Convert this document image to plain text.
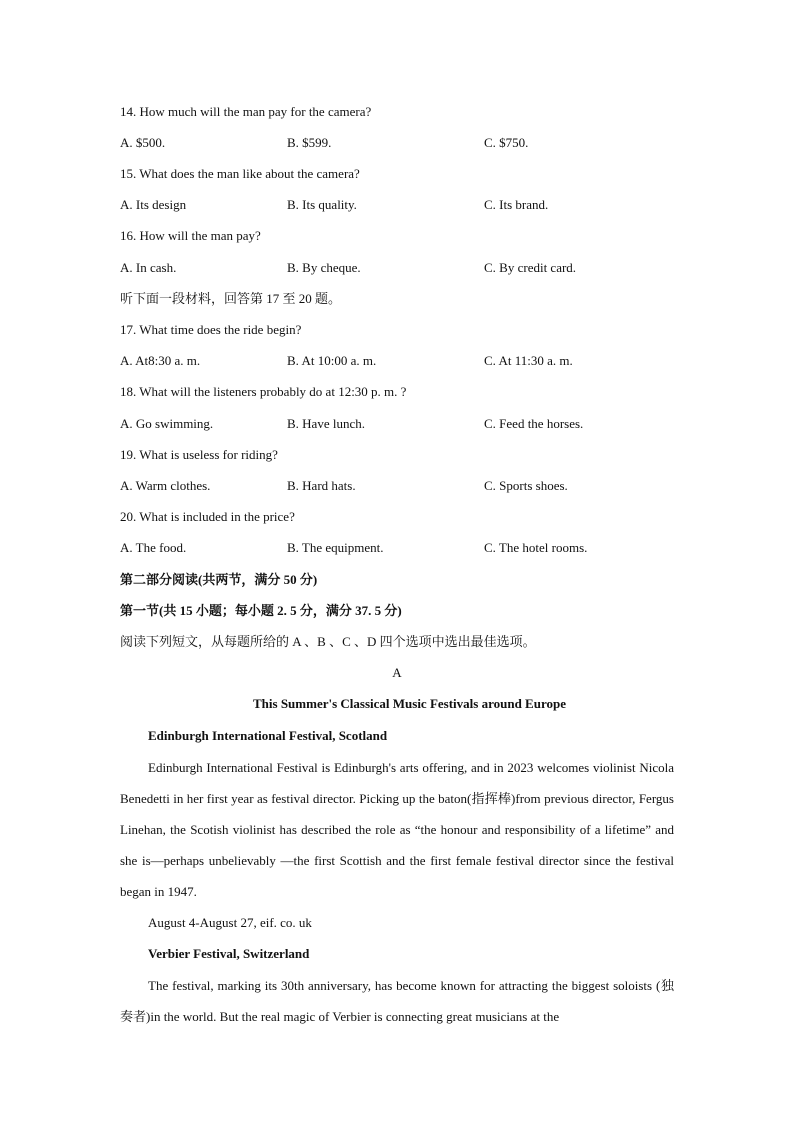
14. How much will the man pay for the camera?
A. $500.	B. $599.	C. $750.
15. What does the man like about the camera?
A. Its design	B. Its quality.	C. Its brand.
16. How will the man pay?
A. In cash.	B. By cheque.	C. By credit card.
听下面一段材料，回答第 17 至 20 题。
17. What time does the ride begin?
A. At8:30 a. m.	B. At 10:00 a. m.	C. At 11:30 a. m.
18. What will the listeners probably do at 12:30 p. m. ?
A. Go swimming.	B. Have lunch.	C. Feed the horses.
19. What is useless for riding?
A. Warm clothes.	B. Hard hats.	C. Sports shoes.
20. What is included in the price?
A. The food.	B. The equipment.	C. The hotel rooms.
第二部分阅读(共两节，满分 50 分)
第一节(共 15 小题；每小题 2. 5 分，满分 37. 5 分)
阅读下列短文，从每题所给的 A 、B 、C 、D 四个选项中选出最佳选项。
A
This Summer's Classical Music Festivals around Europe
Edinburgh International Festival, Scotland
Edinburgh International Festival is Edinburgh's arts offering, and in 2023 welcomes violinist Nicola Benedetti in her first year as festival director. Picking up the baton(指挥棒)from previous director, Fergus Linehan, the Scotish violinist has described the role as “the honour and responsibility of a lifetime” and she is—perhaps unbelievably —the first Scottish and the first female festival director since the festival began in 1947.
August 4-August 27, eif. co. uk
Verbier Festival, Switzerland
The festival, marking its 30th anniversary, has become known for attracting the biggest soloists (独奏者)in the world. But the real magic of Verbier is connecting great musicians at the
